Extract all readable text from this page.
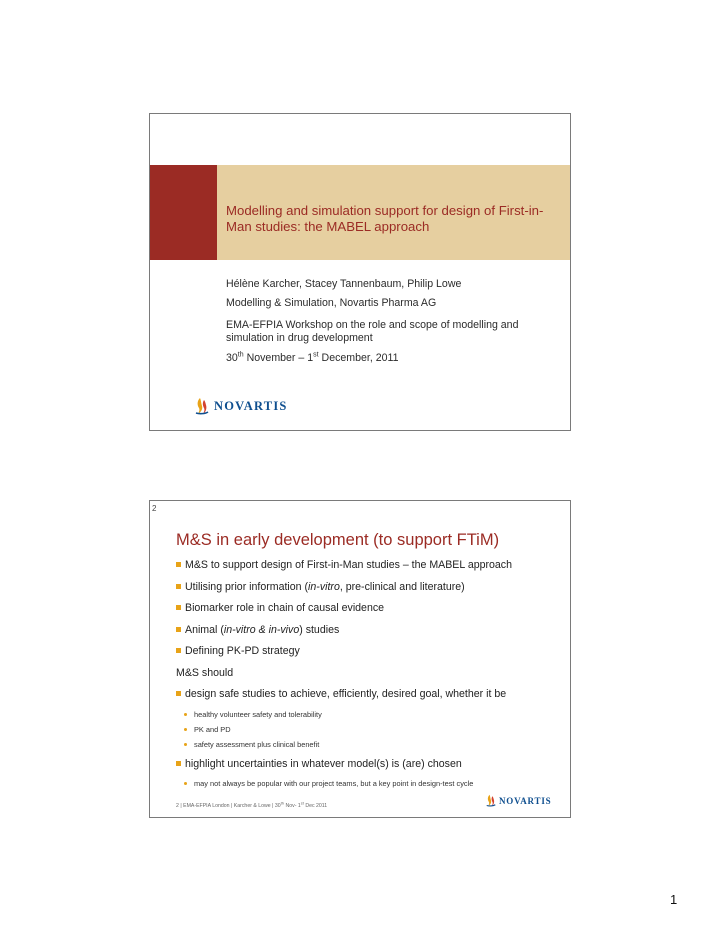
Modelling and simulation support for design of First-in-Man studies: the MABEL approach

Hélène Karcher, Stacey Tannenbaum, Philip Lowe

Modelling & Simulation, Novartis Pharma AG

EMA-EFPIA Workshop on the role and scope of modelling and simulation in drug development

30th November – 1st December, 2011

NOVARTIS

2

M&S in early development (to support FTiM)
M&S to support design of First-in-Man studies – the MABEL approach
Utilising prior information (in-vitro, pre-clinical and literature)
Biomarker role in chain of causal evidence
Animal (in-vitro & in-vivo) studies
Defining PK-PD strategy
M&S should
design safe studies to achieve, efficiently, desired goal, whether it be
healthy volunteer safety and tolerability
PK and PD
safety assessment plus clinical benefit
highlight uncertainties in whatever model(s) is (are) chosen
may not always be popular with our project teams, but a key point in design-test cycle

2 | EMA-EFPIA London | Karcher & Lowe | 30th Nov- 1st Dec 2011

NOVARTIS

1
